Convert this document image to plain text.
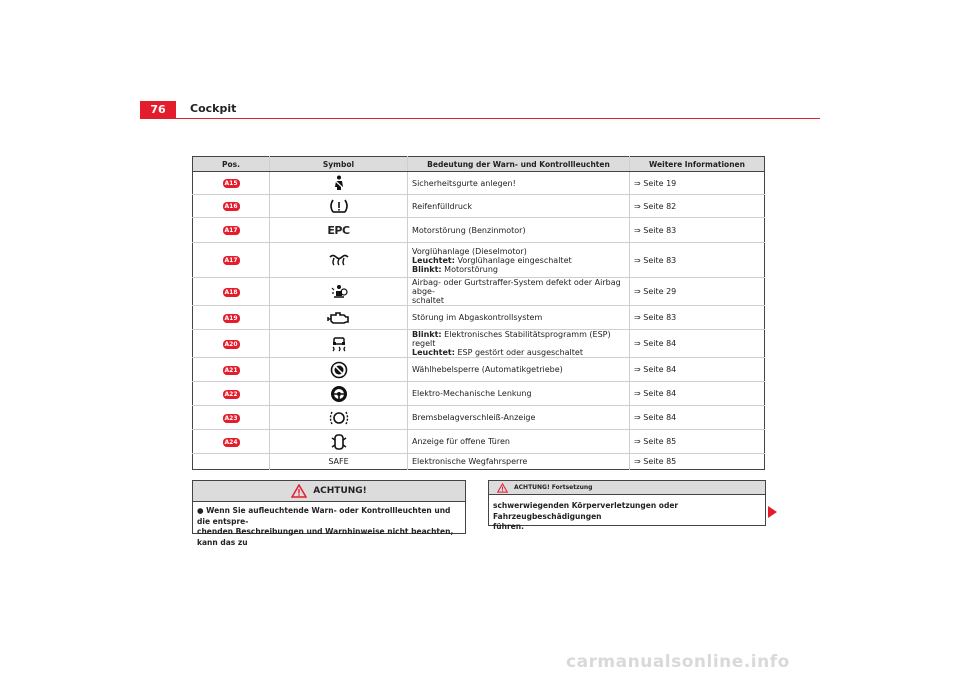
76	Cockpit
Pos.	Symbol	Bedeutung der Warn- und Kontrollleuchten	Weitere Informationen
A15		Sicherheitsgurte anlegen!	⇒ Seite 19
A16		Reifenfülldruck	⇒ Seite 82
A17	EPC	Motorstörung (Benzinmotor)	⇒ Seite 83
A17		Vorglühanlage (Dieselmotor)
Leuchtet: Vorglühanlage eingeschaltet
Blinkt: Motorstörung	⇒ Seite 83
A18		Airbag- oder Gurtstraffer-System defekt oder Airbag abge-
schaltet	⇒ Seite 29
A19		Störung im Abgaskontrollsystem	⇒ Seite 83
A20		Blinkt: Elektronisches Stabilitätsprogramm (ESP) regelt
Leuchtet: ESP gestört oder ausgeschaltet	⇒ Seite 84
A21		Wählhebelsperre (Automatikgetriebe)	⇒ Seite 84
A22		Elektro-Mechanische Lenkung	⇒ Seite 84
A23		Bremsbelagverschleiß-Anzeige	⇒ Seite 84
A24		Anzeige für offene Türen	⇒ Seite 85
	SAFE	Elektronische Wegfahrsperre	⇒ Seite 85
ACHTUNG!
● Wenn Sie aufleuchtende Warn- oder Kontrollleuchten und die entspre-
chenden Beschreibungen und Warnhinweise nicht beachten, kann das zu
ACHTUNG! Fortsetzung
schwerwiegenden Körperverletzungen oder Fahrzeugbeschädigungen
führen.
carmanualsonline.info
